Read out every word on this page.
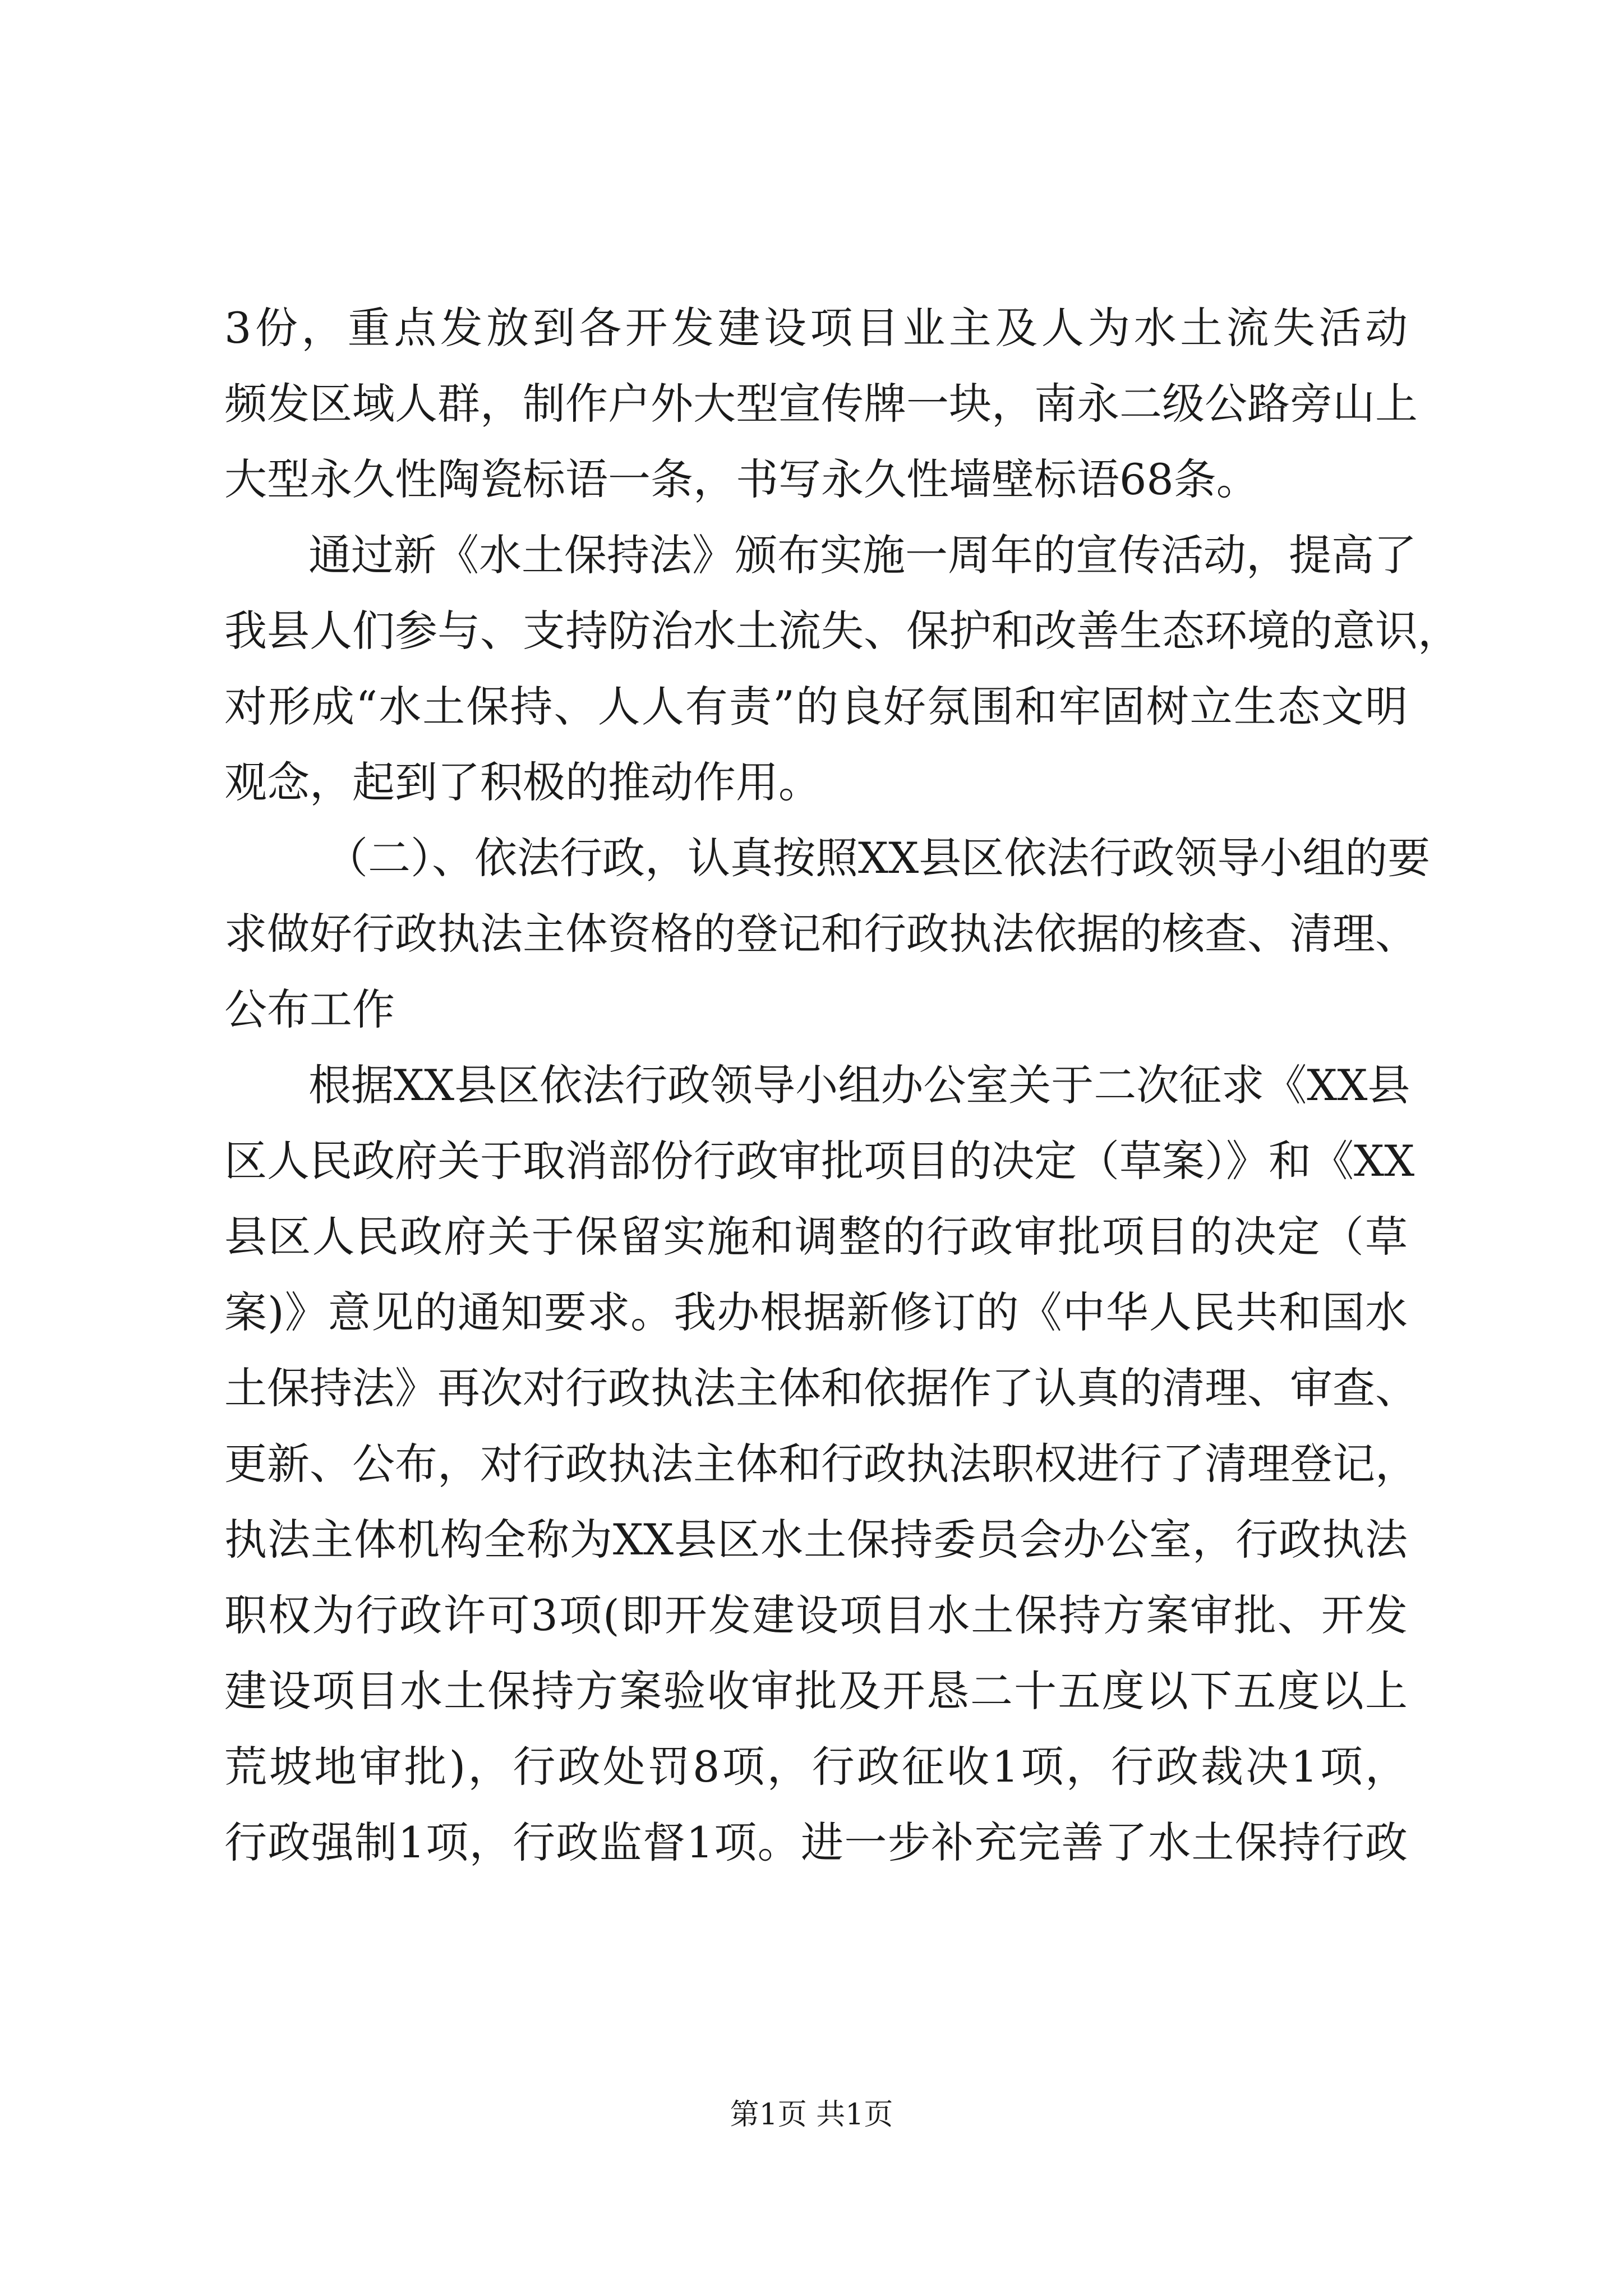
3份，重点发放到各开发建设项目业主及人为水土流失活动
频发区域人群，制作户外大型宣传牌一块，南永二级公路旁山上
大型永久性陶瓷标语一条，书写永久性墙壁标语68条。
通过新《水土保持法》颁布实施一周年的宣传活动，提高了
我县人们参与、支持防治水土流失、保护和改善生态环境的意识，
对形成“水土保持、人人有责”的良好氛围和牢固树立生态文明
观念，起到了积极的推动作用。
（二）、依法行政，认真按照XX县区依法行政领导小组的要
求做好行政执法主体资格的登记和行政执法依据的核查、清理、
公布工作
根据XX县区依法行政领导小组办公室关于二次征求《XX县
区人民政府关于取消部份行政审批项目的决定（草案）》和《XX
县区人民政府关于保留实施和调整的行政审批项目的决定（草
案)》意见的通知要求。我办根据新修订的《中华人民共和国水
土保持法》再次对行政执法主体和依据作了认真的清理、审查、
更新、公布，对行政执法主体和行政执法职权进行了清理登记，
执法主体机构全称为XX县区水土保持委员会办公室，行政执法
职权为行政许可3项(即开发建设项目水土保持方案审批、开发
建设项目水土保持方案验收审批及开恳二十五度以下五度以上
荒坡地审批)，行政处罚8项，行政征收1项，行政裁决1项，
行政强制1项，行政监督1项。进一步补充完善了水土保持行政
第1页 共1页
